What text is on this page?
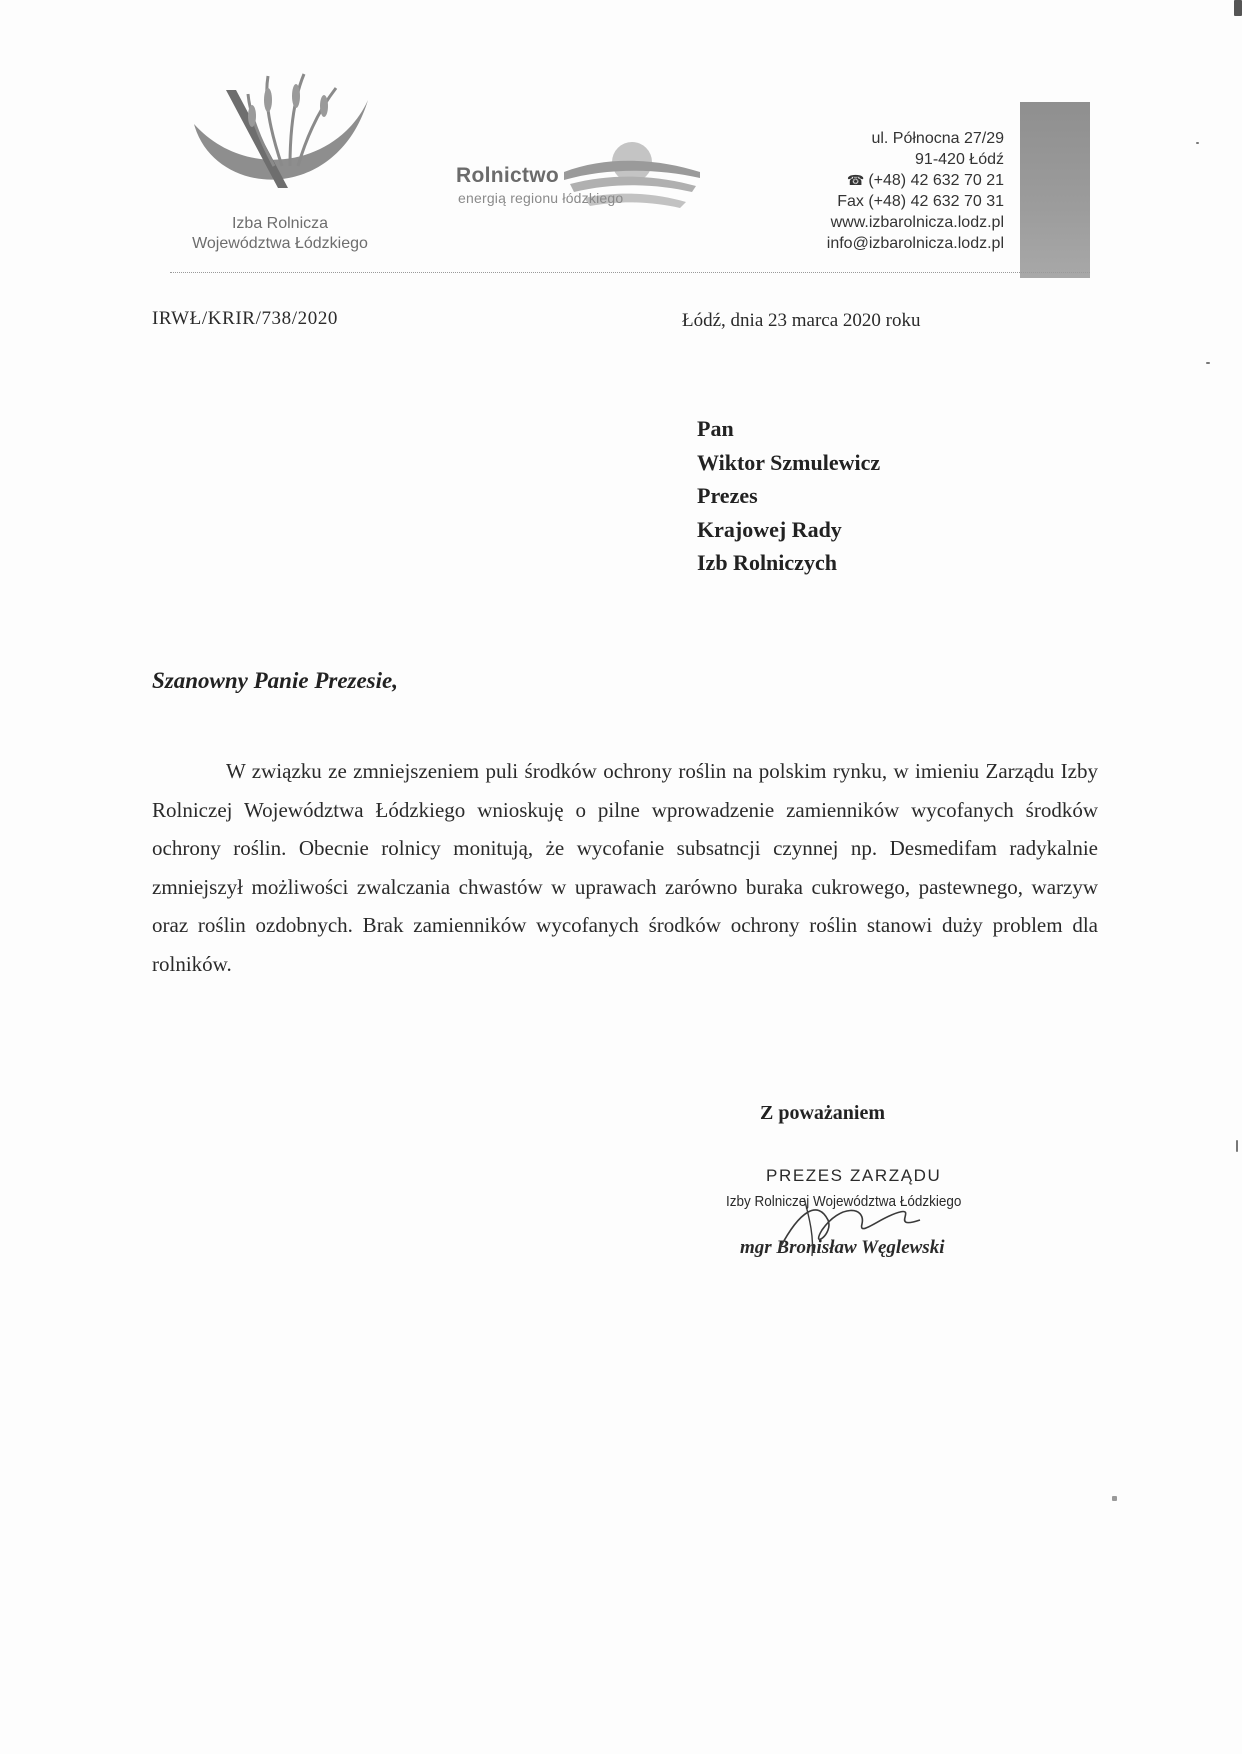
Izba Rolnicza
Województwa Łódzkiego
Rolnictwo
energią regionu łódzkiego
ul. Północna 27/29
91-420 Łódź
☎ (+48) 42 632 70 21
Fax (+48) 42 632 70 31
www.izbarolnicza.lodz.pl
info@izbarolnicza.lodz.pl
IRWŁ/KRIR/738/2020	Łódź, dnia 23 marca 2020 roku
Pan
Wiktor Szmulewicz
Prezes
Krajowej Rady
Izb Rolniczych
Szanowny Panie Prezesie,
W związku ze zmniejszeniem puli środków ochrony roślin na polskim rynku, w imieniu Zarządu Izby Rolniczej Województwa Łódzkiego wnioskuję o pilne wprowadzenie zamienników wycofanych środków ochrony roślin. Obecnie rolnicy monitują, że wycofanie subsatncji czynnej np. Desmedifam radykalnie zmniejszył możliwości zwalczania chwastów w uprawach zarówno buraka cukrowego, pastewnego, warzyw oraz roślin ozdobnych. Brak zamienników wycofanych środków ochrony roślin stanowi duży problem dla rolników.
Z poważaniem
PREZES ZARZĄDU
Izby Rolniczej Województwa Łódzkiego
mgr Bronisław Węglewski
